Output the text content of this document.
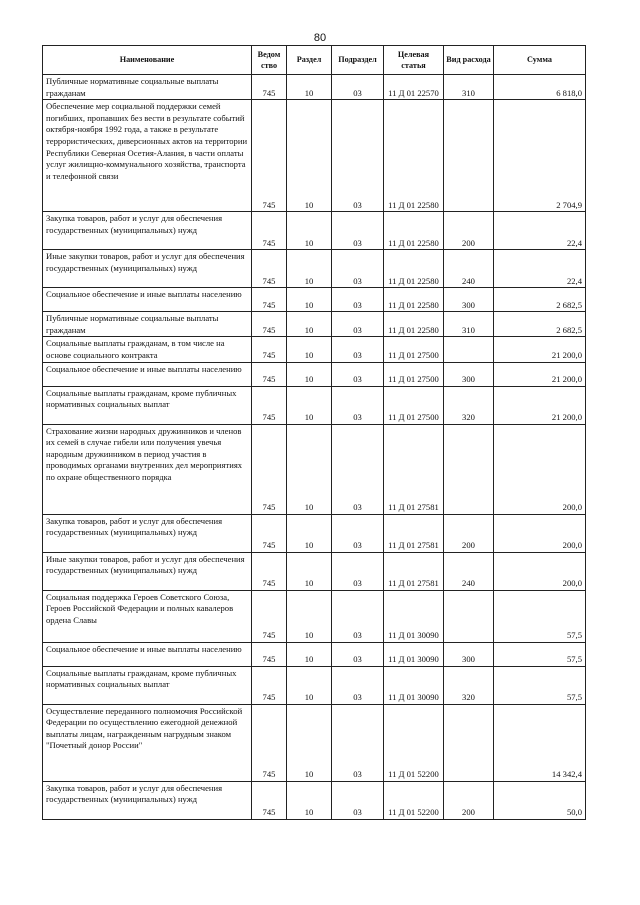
80
Наименование	Ведом ство	Раздел	Подраздел	Целевая статья	Вид расхода	Сумма
Публичные нормативные социальные выплаты гражданам	745	10	03	11 Д 01 22570	310	6 818,0
Обеспечение мер социальной поддержки семей погибших, пропавших без вести в результате событий октября-ноября 1992 года, а также в результате террористических, диверсионных актов на территории Республики Северная Осетия-Алания, в части оплаты услуг жилищно-коммунального хозяйства, транспорта и телефонной связи	745	10	03	11 Д 01 22580		2 704,9
Закупка товаров, работ и услуг для обеспечения государственных (муниципальных) нужд	745	10	03	11 Д 01 22580	200	22,4
Иные закупки товаров, работ и услуг для обеспечения государственных (муниципальных) нужд	745	10	03	11 Д 01 22580	240	22,4
Социальное обеспечение и иные выплаты населению	745	10	03	11 Д 01 22580	300	2 682,5
Публичные нормативные социальные выплаты гражданам	745	10	03	11 Д 01 22580	310	2 682,5
Социальные выплаты гражданам, в том числе на основе социального контракта	745	10	03	11 Д 01 27500		21 200,0
Социальное обеспечение и иные выплаты населению	745	10	03	11 Д 01 27500	300	21 200,0
Социальные выплаты гражданам, кроме публичных нормативных социальных выплат	745	10	03	11 Д 01 27500	320	21 200,0
Страхование жизни народных дружинников и членов их семей в случае гибели или получения увечья народным дружинником в период участия в проводимых органами внутренних дел мероприятиях по охране общественного порядка	745	10	03	11 Д 01 27581		200,0
Закупка товаров, работ и услуг для обеспечения государственных (муниципальных) нужд	745	10	03	11 Д 01 27581	200	200,0
Иные закупки товаров, работ и услуг для обеспечения государственных (муниципальных) нужд	745	10	03	11 Д 01 27581	240	200,0
Социальная поддержка Героев Советского Союза, Героев Российской Федерации и полных кавалеров ордена Славы	745	10	03	11 Д 01 30090		57,5
Социальное обеспечение и иные выплаты населению	745	10	03	11 Д 01 30090	300	57,5
Социальные выплаты гражданам, кроме публичных нормативных социальных выплат	745	10	03	11 Д 01 30090	320	57,5
Осуществление переданного полномочия Российской Федерации по осуществлению ежегодной денежной выплаты лицам, награжденным нагрудным знаком "Почетный донор России"	745	10	03	11 Д 01 52200		14 342,4
Закупка товаров, работ и услуг для обеспечения государственных (муниципальных) нужд	745	10	03	11 Д 01 52200	200	50,0
